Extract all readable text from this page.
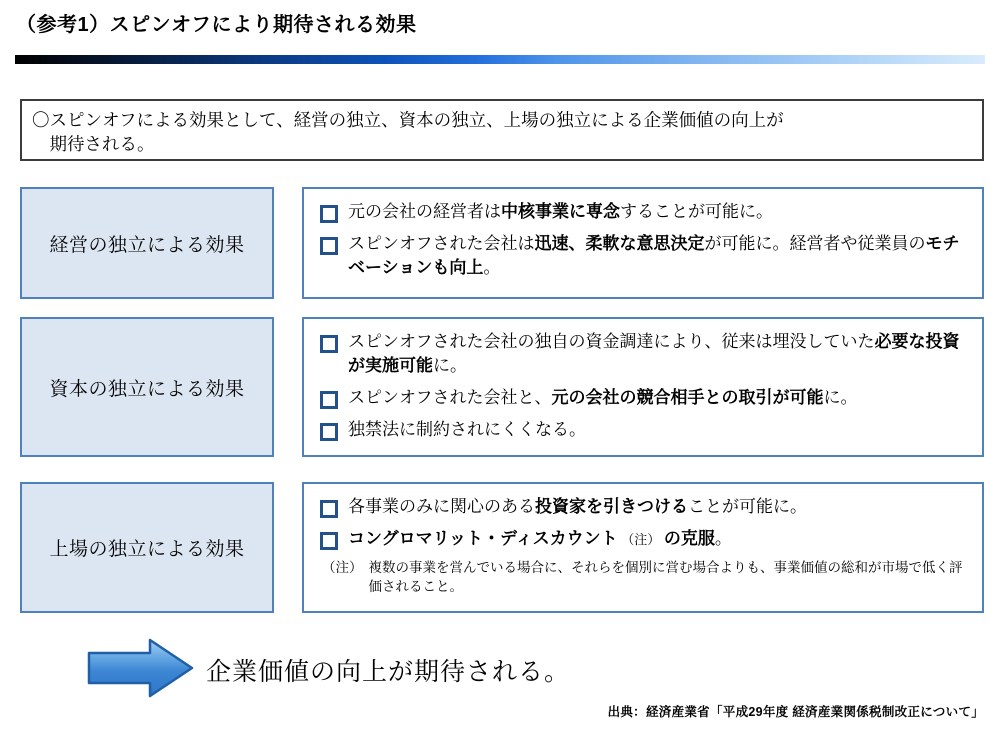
（参考1）スピンオフにより期待される効果
〇スピンオフによる効果として、経営の独立、資本の独立、上場の独立による企業価値の向上が
期待される。
経営の独立による効果
元の会社の経営者は中核事業に専念することが可能に。
スピンオフされた会社は迅速、柔軟な意思決定が可能に。経営者や従業員のモチベーションも向上。
資本の独立による効果
スピンオフされた会社の独自の資金調達により、従来は埋没していた必要な投資が実施可能に。
スピンオフされた会社と、元の会社の競合相手との取引が可能に。
独禁法に制約されにくくなる。
上場の独立による効果
各事業のみに関心のある投資家を引きつけることが可能に。
コングロマリット・ディスカウント （注） の克服。
（注） 複数の事業を営んでいる場合に、それらを個別に営む場合よりも、事業価値の総和が市場で低く評価されること。
企業価値の向上が期待される。
出典：経済産業省「平成29年度 経済産業関係税制改正について」
